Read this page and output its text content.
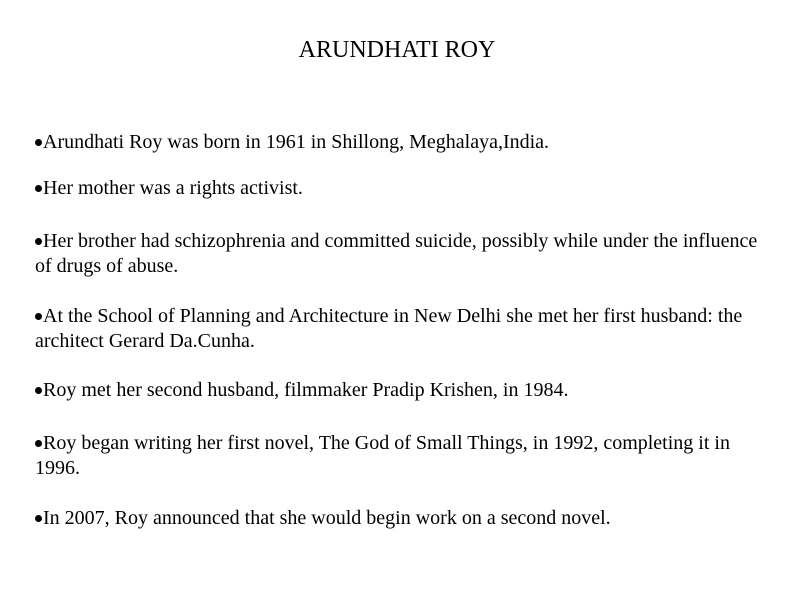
ARUNDHATI ROY
Arundhati Roy was born in 1961 in Shillong, Meghalaya,India.
Her mother was a rights activist.
Her brother had schizophrenia and committed suicide, possibly while under the influence of drugs of abuse.
At the School of Planning and Architecture in New Delhi she met her first husband: the architect Gerard Da.Cunha.
Roy met her second husband, filmmaker Pradip Krishen, in 1984.
Roy began writing her first novel, The God of Small Things, in 1992, completing it in 1996.
In 2007, Roy announced that she would begin work on a second novel.
